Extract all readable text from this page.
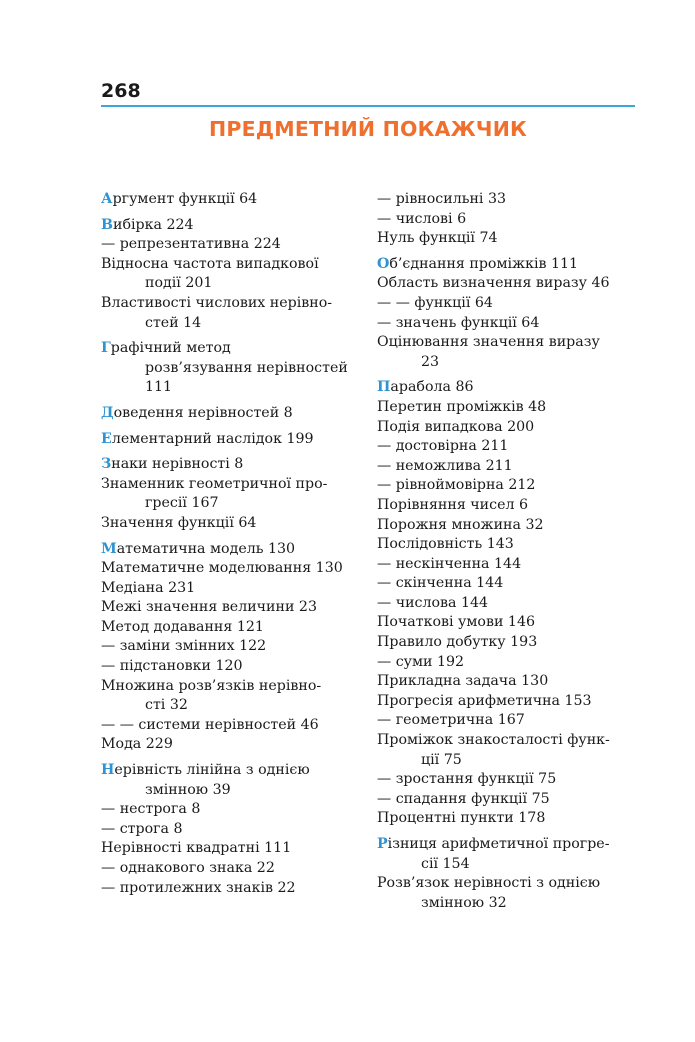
268
ПРЕДМЕТНИЙ ПОКАЖЧИК
Аргумент функції 64
Вибірка 224
— репрезентативна 224
Відносна частота випадкової
події 201
Властивості числових нерівно-
стей 14
Графічний метод
розв’язування нерівностей
111
Доведення нерівностей 8
Елементарний наслідок 199
Знаки нерівності 8
Знаменник геометричної про-
гресії 167
Значення функції 64
Математична модель 130
Математичне моделювання 130
Медіана 231
Межі значення величини 23
Метод додавання 121
— заміни змінних 122
— підстановки 120
Множина розв’язків нерівно-
сті 32
— — системи нерівностей 46
Мода 229
Нерівність лінійна з однією
змінною 39
— нестрога 8
— строга 8
Нерівності квадратні 111
— однакового знака 22
— протилежних знаків 22
— рівносильні 33
— числові 6
Нуль функції 74
Об’єднання проміжків 111
Область визначення виразу 46
— — функції 64
— значень функції 64
Оцінювання значення виразу
23
Парабола 86
Перетин проміжків 48
Подія випадкова 200
— достовірна 211
— неможлива 211
— рівноймовірна 212
Порівняння чисел 6
Порожня множина 32
Послідовність 143
— нескінченна 144
— скінченна 144
— числова 144
Початкові умови 146
Правило добутку 193
— суми 192
Прикладна задача 130
Прогресія арифметична 153
— геометрична 167
Проміжок знакосталості функ-
ції 75
— зростання функції 75
— спадання функції 75
Процентні пункти 178
Різниця арифметичної прогре-
сії 154
Розв’язок нерівності з однією
змінною 32
